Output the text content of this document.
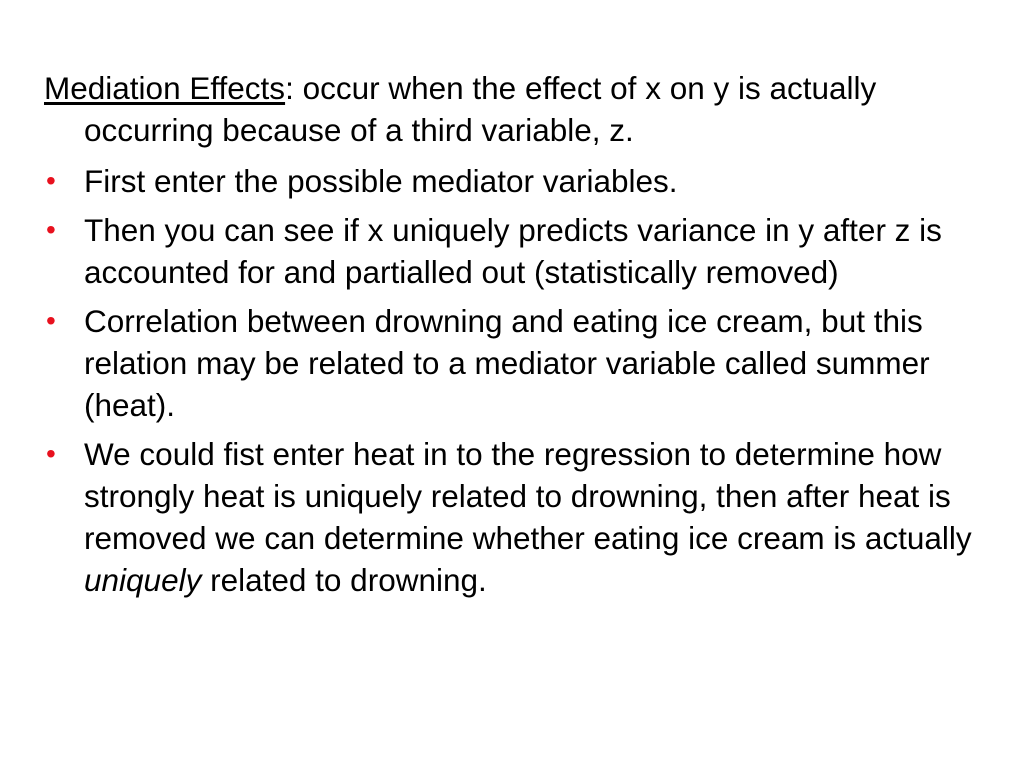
Mediation Effects: occur when the effect of x on y is actually occurring because of a third variable, z.

• First enter the possible mediator variables.
• Then you can see if x uniquely predicts variance in y after z is accounted for and partialled out (statistically removed)
• Correlation between drowning and eating ice cream, but this relation may be related to a mediator variable called summer (heat).
• We could fist enter heat in to the regression to determine how strongly heat is uniquely related to drowning, then after heat is removed we can determine whether eating ice cream is actually uniquely related to drowning.
